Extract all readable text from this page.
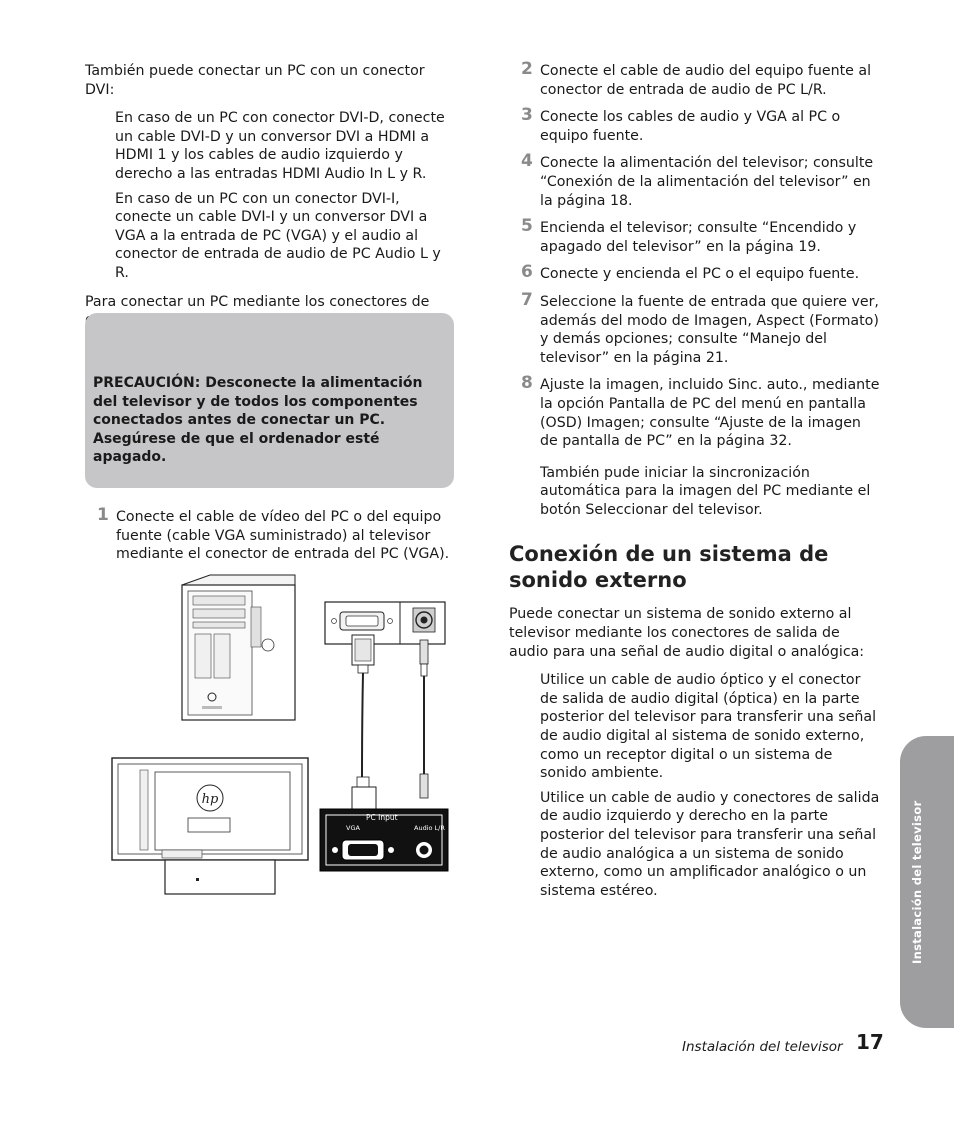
También puede conectar un PC con un conector DVI:

En caso de un PC con conector DVI-D, conecte un cable DVI-D y un conversor DVI a HDMI a HDMI 1 y los cables de audio izquierdo y derecho a las entradas HDMI Audio In L y R.

En caso de un PC con un conector DVI-I, conecte un cable DVI-I y un conversor DVI a VGA a la entrada de PC (VGA) y el audio al conector de entrada de audio de PC Audio L y R.

Para conectar un PC mediante los conectores de

PRECAUCIÓN: Desconecte la alimentación del televisor y de todos los componentes conectados antes de conectar un PC. Asegúrese de que el ordenador esté apagado.

1 Conecte el cable de vídeo del PC o del equipo fuente (cable VGA suministrado) al televisor mediante el conector de entrada del PC (VGA).
hp
PC Input
VGA	Audio L/R
2 Conecte el cable de audio del equipo fuente al conector de entrada de audio de PC L/R.
3 Conecte los cables de audio y VGA al PC o equipo fuente.
4 Conecte la alimentación del televisor; consulte “Conexión de la alimentación del televisor” en la página 18.
5 Encienda el televisor; consulte “Encendido y apagado del televisor” en la página 19.
6 Conecte y encienda el PC o el equipo fuente.
7 Seleccione la fuente de entrada que quiere ver, además del modo de Imagen, Aspect (Formato) y demás opciones; consulte “Manejo del televisor” en la página 21.
8 Ajuste la imagen, incluido Sinc. auto., mediante la opción Pantalla de PC del menú en pantalla (OSD) Imagen; consulte “Ajuste de la imagen de pantalla de PC” en la página 32.

También pude iniciar la sincronización automática para la imagen del PC mediante el botón Seleccionar del televisor.

Conexión de un sistema de sonido externo

Puede conectar un sistema de sonido externo al televisor mediante los conectores de salida de audio para una señal de audio digital o analógica:

Utilice un cable de audio óptico y el conector de salida de audio digital (óptica) en la parte posterior del televisor para transferir una señal de audio digital al sistema de sonido externo, como un receptor digital o un sistema de sonido ambiente.

Utilice un cable de audio y conectores de salida de audio izquierdo y derecho en la parte posterior del televisor para transferir una señal de audio analógica a un sistema de sonido externo, como un amplificador analógico o un sistema estéreo.	Instalación del televisor
Instalación del televisor 17
